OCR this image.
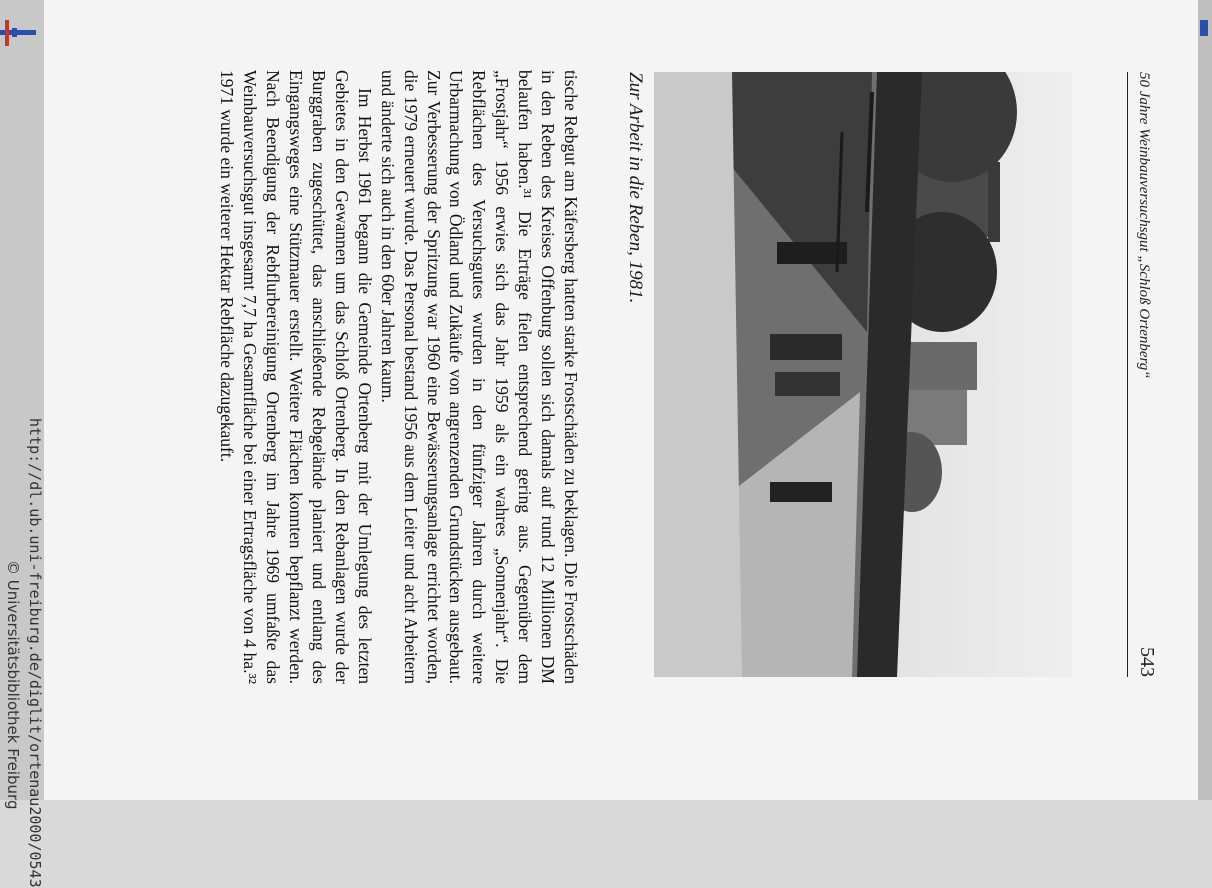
50 Jahre Weinbauversuchsgut „Schloß Ortenberg“
543
Zur Arbeit in die Reben, 1981.

tische Rebgut am Käfersberg hatten starke Frostschäden zu beklagen. Die Frostschäden in den Reben des Kreises Offenburg sollen sich damals auf rund 12 Millionen DM belaufen haben.³¹ Die Erträge fielen entsprechend gering aus. Gegenüber dem „Frostjahr“ 1956 erwies sich das Jahr 1959 als ein wahres „Sonnenjahr“. Die Rebflächen des Versuchsgutes wurden in den fünfziger Jahren durch weitere Urbarmachung von Ödland und Zukäufe von angrenzenden Grundstücken ausgebaut. Zur Verbesserung der Spritzung war 1960 eine Bewässerungsanlage errichtet worden, die 1979 erneuert wurde. Das Personal bestand 1956 aus dem Leiter und acht Arbeitern und änderte sich auch in den 60er Jahren kaum.

Im Herbst 1961 begann die Gemeinde Ortenberg mit der Umlegung des letzten Gebietes in den Gewannen um das Schloß Ortenberg. In den Rebanlagen wurde der Burggraben zugeschüttet, das anschließende Rebgelände planiert und entlang des Eingangsweges eine Stützmauer erstellt. Weitere Flächen konnten bepflanzt werden. Nach Beendigung der Rebflurbereinigung Ortenberg im Jahre 1969 umfaßte das Weinbauversuchsgut insgesamt 7,7 ha Gesamtfläche bei einer Ertragsfläche von 4 ha.³² 1971 wurde ein weiterer Hektar Rebfläche dazugekauft.

http://dl.ub.uni-freiburg.de/diglit/ortenau2000/0543
© Universitätsbibliothek Freiburg
